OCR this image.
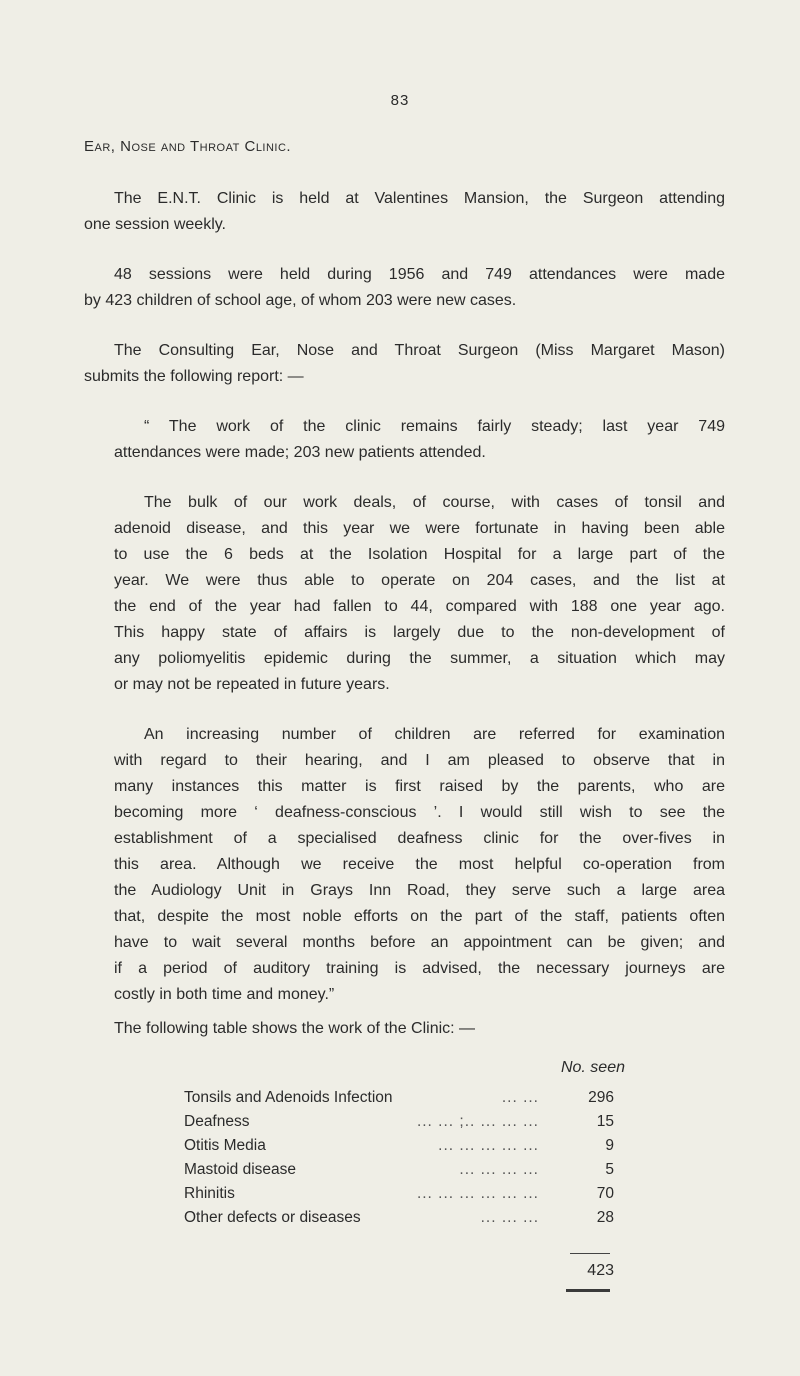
83
Ear, Nose and Throat Clinic.

The E.N.T. Clinic is held at Valentines Mansion, the Surgeon attending
one session weekly.

48 sessions were held during 1956 and 749 attendances were made
by 423 children of school age, of whom 203 were new cases.

The Consulting Ear, Nose and Throat Surgeon (Miss Margaret Mason)
submits the following report: —

“ The work of the clinic remains fairly steady; last year 749
attendances were made; 203 new patients attended.

The bulk of our work deals, of course, with cases of tonsil and
adenoid disease, and this year we were fortunate in having been able
to use the 6 beds at the Isolation Hospital for a large part of the
year. We were thus able to operate on 204 cases, and the list at
the end of the year had fallen to 44, compared with 188 one year ago.
This happy state of affairs is largely due to the non-development of
any poliomyelitis epidemic during the summer, a situation which may
or may not be repeated in future years.

An increasing number of children are referred for examination
with regard to their hearing, and I am pleased to observe that in
many instances this matter is first raised by the parents, who are
becoming more ‘ deafness-conscious ’. I would still wish to see the
establishment of a specialised deafness clinic for the over-fives in
this area. Although we receive the most helpful co-operation from
the Audiology Unit in Grays Inn Road, they serve such a large area
that, despite the most noble efforts on the part of the staff, patients often
have to wait several months before an appointment can be given; and
if a period of auditory training is advised, the necessary journeys are
costly in both time and money.”

The following table shows the work of the Clinic: —
No. seen
Tonsils and Adenoids Infection	... ...	296
Deafness	... ... ;.. ... ... ...	15
Otitis Media	... ... ... ... ...	9
Mastoid disease	... ... ... ...	5
Rhinitis	... ... ... ... ... ...	70
Other defects or diseases	... ... ...	28
423
